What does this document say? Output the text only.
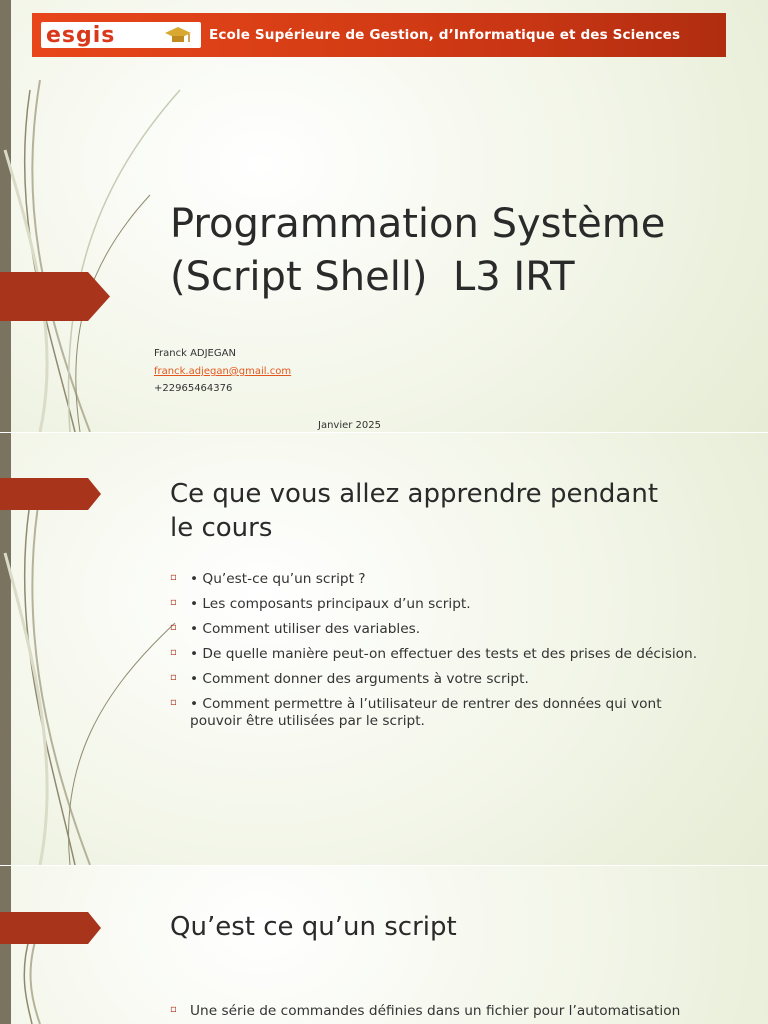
esgis	Ecole Supérieure de Gestion, d’Informatique et des Sciences
Programmation Système
(Script Shell)  L3 IRT
Franck ADJEGAN
franck.adjegan@gmail.com
+22965464376
Janvier 2025
Ce que vous allez apprendre pendant
le cours
▫ • Qu’est-ce qu’un script ?
▫ • Les composants principaux d’un script.
▫ • Comment utiliser des variables.
▫ • De quelle manière peut-on effectuer des tests et des prises de décision.
▫ • Comment donner des arguments à votre script.
▫ • Comment permettre à l’utilisateur de rentrer des données qui vont pouvoir être utilisées par le script.
Qu’est ce qu’un script
▫ Une série de commandes définies dans un fichier pour l’automatisation
